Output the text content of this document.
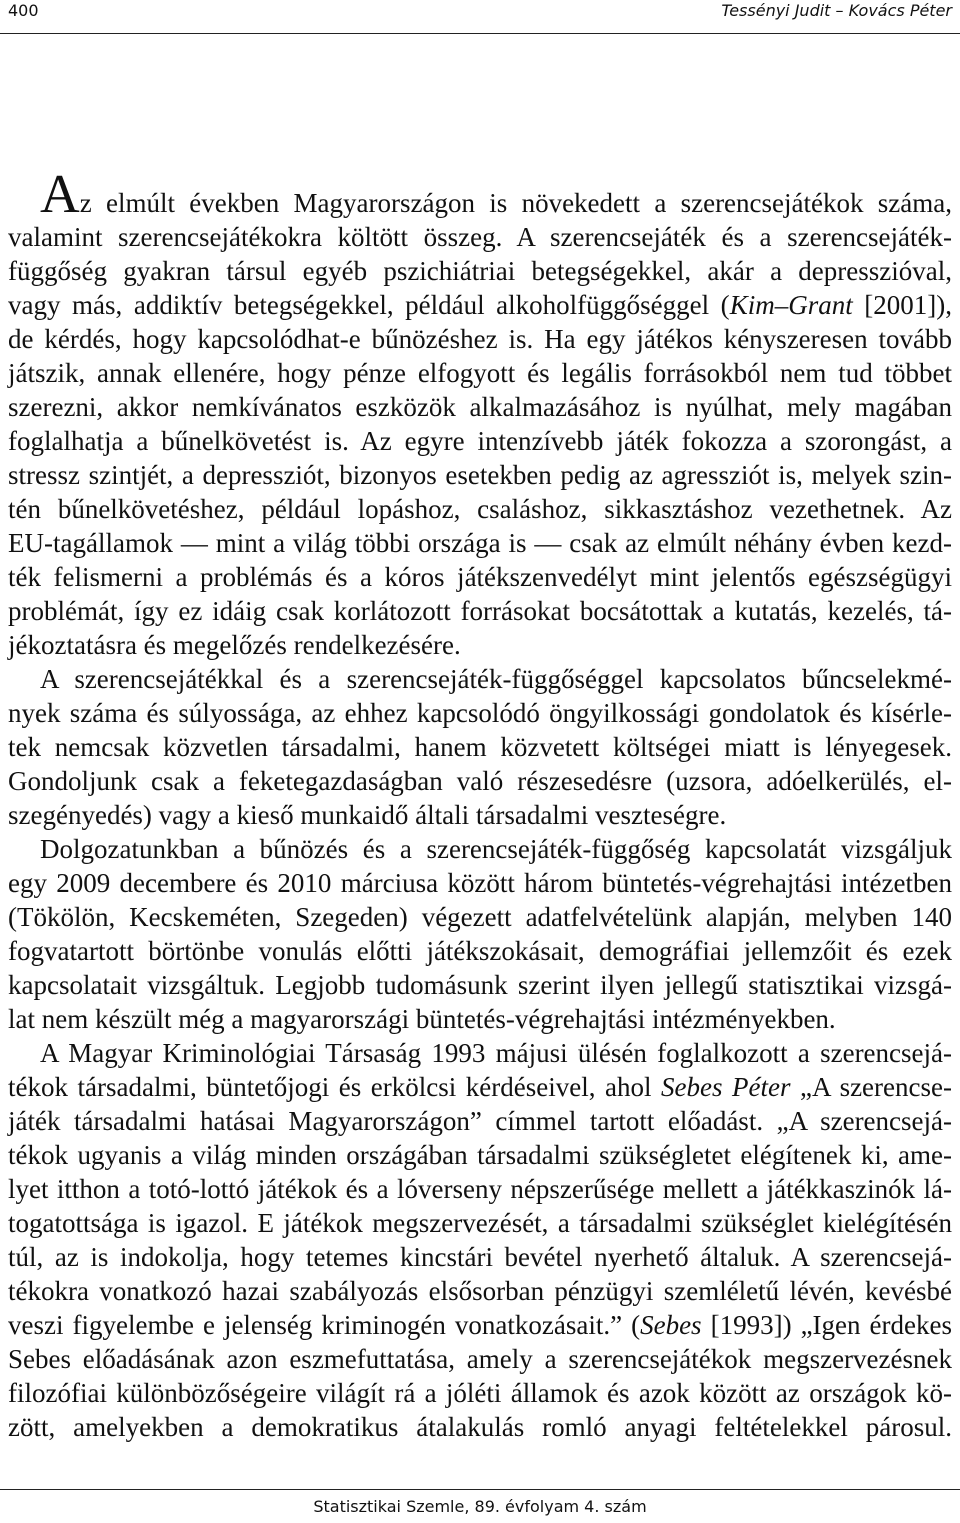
400	Tessényi Judit – Kovács Péter
Az elmúlt években Magyarországon is növekedett a szerencsejátékok száma,
valamint szerencsejátékokra költött összeg. A szerencsejáték és a szerencsejáték-
függőség gyakran társul egyéb pszichiátriai betegségekkel, akár a depresszióval,
vagy más, addiktív betegségekkel, például alkoholfüggőséggel (Kim–Grant [2001]),
de kérdés, hogy kapcsolódhat-e bűnözéshez is. Ha egy játékos kényszeresen tovább
játszik, annak ellenére, hogy pénze elfogyott és legális forrásokból nem tud többet
szerezni, akkor nemkívánatos eszközök alkalmazásához is nyúlhat, mely magában
foglalhatja a bűnelkövetést is. Az egyre intenzívebb játék fokozza a szorongást, a
stressz szintjét, a depressziót, bizonyos esetekben pedig az agressziót is, melyek szin-
tén bűnelkövetéshez, például lopáshoz, csaláshoz, sikkasztáshoz vezethetnek. Az
EU-tagállamok — mint a világ többi országa is — csak az elmúlt néhány évben kezd-
ték felismerni a problémás és a kóros játékszenvedélyt mint jelentős egészségügyi
problémát, így ez idáig csak korlátozott forrásokat bocsátottak a kutatás, kezelés, tá-
jékoztatásra és megelőzés rendelkezésére.
A szerencsejátékkal és a szerencsejáték-függőséggel kapcsolatos bűncselekmé-
nyek száma és súlyossága, az ehhez kapcsolódó öngyilkossági gondolatok és kísérle-
tek nemcsak közvetlen társadalmi, hanem közvetett költségei miatt is lényegesek.
Gondoljunk csak a feketegazdaságban való részesedésre (uzsora, adóelkerülés, el-
szegényedés) vagy a kieső munkaidő általi társadalmi veszteségre.
Dolgozatunkban a bűnözés és a szerencsejáték-függőség kapcsolatát vizsgáljuk
egy 2009 decembere és 2010 márciusa között három büntetés-végrehajtási intézetben
(Tökölön, Kecskeméten, Szegeden) végezett adatfelvételünk alapján, melyben 140
fogvatartott börtönbe vonulás előtti játékszokásait, demográfiai jellemzőit és ezek
kapcsolatait vizsgáltuk. Legjobb tudomásunk szerint ilyen jellegű statisztikai vizsgá-
lat nem készült még a magyarországi büntetés-végrehajtási intézményekben.
A Magyar Kriminológiai Társaság 1993 májusi ülésén foglalkozott a szerencsejá-
tékok társadalmi, büntetőjogi és erkölcsi kérdéseivel, ahol Sebes Péter „A szerencse-
játék társadalmi hatásai Magyarországon” címmel tartott előadást. „A szerencsejá-
tékok ugyanis a világ minden országában társadalmi szükségletet elégítenek ki, ame-
lyet itthon a totó-lottó játékok és a lóverseny népszerűsége mellett a játékkaszinók lá-
togatottsága is igazol. E játékok megszervezését, a társadalmi szükséglet kielégítésén
túl, az is indokolja, hogy tetemes kincstári bevétel nyerhető általuk. A szerencsejá-
tékokra vonatkozó hazai szabályozás elsősorban pénzügyi szemléletű lévén, kevésbé
veszi figyelembe e jelenség kriminogén vonatkozásait.” (Sebes [1993]) „Igen érdekes
Sebes előadásának azon eszmefuttatása, amely a szerencsejátékok megszervezésnek
filozófiai különbözőségeire világít rá a jóléti államok és azok között az országok kö-
zött, amelyekben a demokratikus átalakulás romló anyagi feltételekkel párosul.
Statisztikai Szemle, 89. évfolyam 4. szám
